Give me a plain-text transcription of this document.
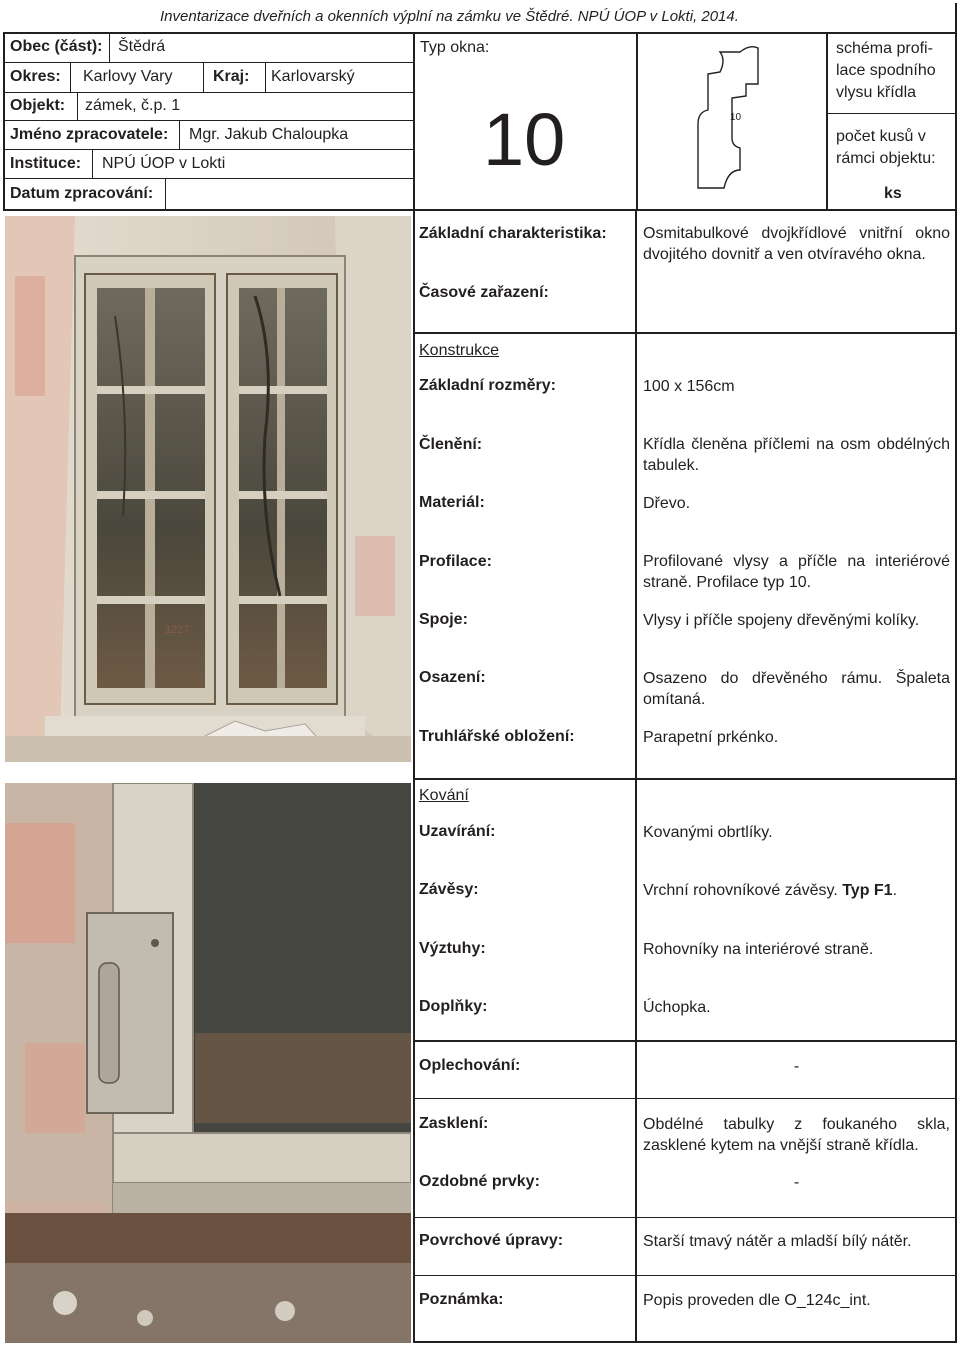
Inventarizace dveřních a okenních výplní na zámku ve Štědré. NPÚ ÚOP v Lokti, 2014.
Obec (část): Štědrá
Okres: Karlovy Vary	Kraj: Karlovarský
Objekt: zámek, č.p. 1
Jméno zpracovatele: Mgr. Jakub Chaloupka
Instituce: NPÚ ÚOP v Lokti
Datum zpracování:
Typ okna:
10	10
schéma profi-
lace spodního
vlysu křídla
počet kusů v
rámci objektu:
ks
1227
Základní charakteristika: Osmitabulkové dvojkřídlové vnitřní okno dvojitého dovnitř a ven otvíravého okna.
Časové zařazení:
Konstrukce
Základní rozměry:	100 x 156cm
Členění:	Křídla členěna příčlemi na osm obdélných tabulek.
Materiál:	Dřevo.
Profilace:	Profilované vlysy a příčle na interiérové straně. Profilace typ 10.
Spoje:	Vlysy i příčle spojeny dřevěnými kolíky.
Osazení:	Osazeno do dřevěného rámu. Špaleta omítaná.
Truhlářské obložení:	Parapetní prkénko.
Kování
Uzavírání:	Kovanými obrtlíky.
Závěsy:	Vrchní rohovníkové závěsy. Typ F1.
Výztuhy:	Rohovníky na interiérové straně.
Doplňky:	Úchopka.
Oplechování:	-
Zasklení:	Obdélné tabulky z foukaného skla, zasklené kytem na vnější straně křídla.
Ozdobné prvky:	-
Povrchové úpravy:	Starší tmavý nátěr a mladší bílý nátěr.
Poznámka:	Popis proveden dle O_124c_int.
